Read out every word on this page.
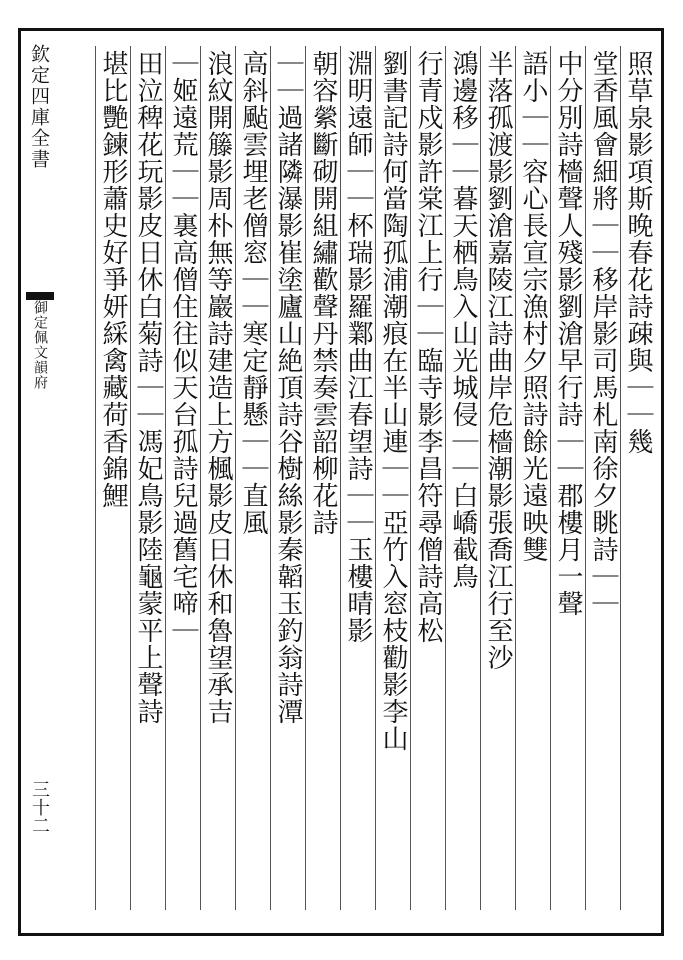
欽定四庫全書
御定佩文韻府
三十二
照草泉影項斯晚春花詩疎與｜｜幾
堂香風會細將｜｜移岸影司馬札南徐夕眺詩｜｜
中分別詩檣聲人殘影劉滄早行詩｜｜郡樓月一聲
語小｜｜容心長宣宗漁村夕照詩餘光遠映雙
半落孤渡影劉滄嘉陵江詩曲岸危檣潮影張喬江行至沙
鴻邊移｜｜暮天栖鳥入山光城侵｜｜白嶠截鳥
行青戍影許棠江上行｜｜臨寺影李昌符尋僧詩高松
劉書記詩何當陶孤浦潮痕在半山連｜｜亞竹入窓枝勸影李山
淵明遠師｜｜杯瑞影羅鄴曲江春望詩｜｜玉樓晴影
朝容縈斷砌開組繡歡聲丹禁奏雲韶柳花詩
｜｜過諸隣瀑影崔塗廬山絶頂詩谷樹絲影秦韜玉釣翁詩潭
高斜颭雲埋老僧窓｜｜寒定靜懸｜｜直風
浪紋開籐影周朴無等巖詩建造上方楓影皮日休和魯望承吉
｜姬遠荒｜｜裏高僧住往似天台孤詩兒過舊宅啼｜
田泣稗花玩影皮日休白菊詩｜｜馮妃鳥影陸龜蒙平上聲詩
堪比艷鍊形蕭史好爭妍綵禽藏荷香錦鯉
